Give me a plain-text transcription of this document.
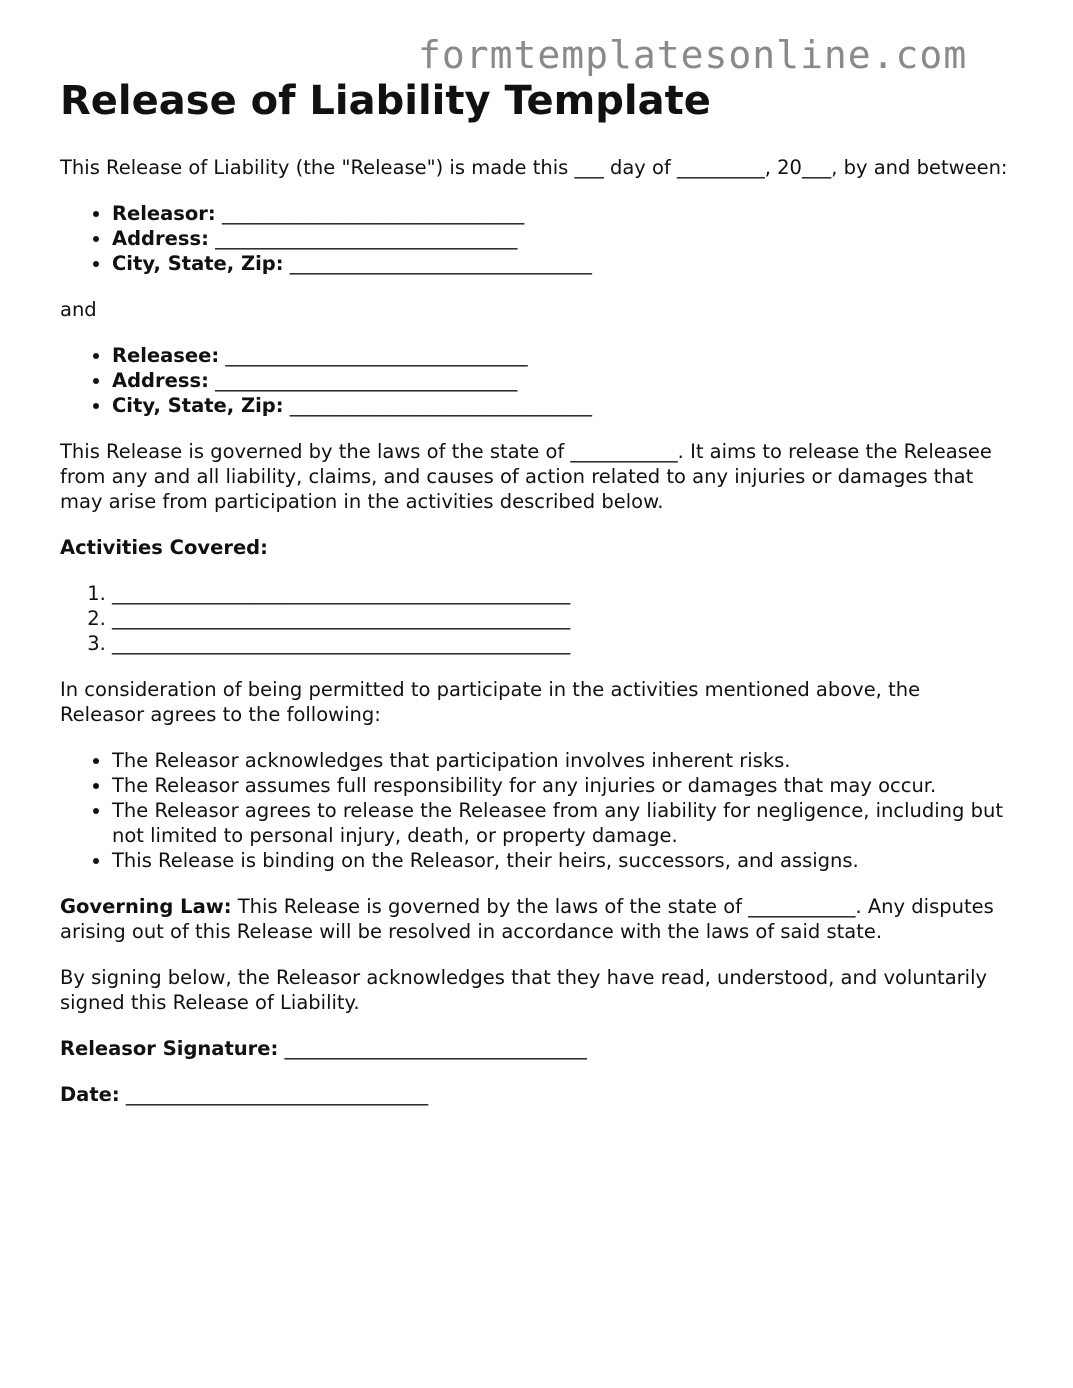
formtemplatesonline.com
Release of Liability Template

This Release of Liability (the "Release") is made this ___ day of _________, 20___, by and between:

• Releasor: _______________________________
• Address: _______________________________
• City, State, Zip: _______________________________

and

• Releasee: _______________________________
• Address: _______________________________
• City, State, Zip: _______________________________

This Release is governed by the laws of the state of ___________. It aims to release the Releasee from any and all liability, claims, and causes of action related to any injuries or damages that may arise from participation in the activities described below.

Activities Covered:

1. _______________________________________________
2. _______________________________________________
3. _______________________________________________

In consideration of being permitted to participate in the activities mentioned above, the Releasor agrees to the following:

• The Releasor acknowledges that participation involves inherent risks.
• The Releasor assumes full responsibility for any injuries or damages that may occur.
• The Releasor agrees to release the Releasee from any liability for negligence, including but not limited to personal injury, death, or property damage.
• This Release is binding on the Releasor, their heirs, successors, and assigns.

Governing Law: This Release is governed by the laws of the state of ___________. Any disputes arising out of this Release will be resolved in accordance with the laws of said state.

By signing below, the Releasor acknowledges that they have read, understood, and voluntarily signed this Release of Liability.

Releasor Signature: _______________________________

Date: _______________________________
